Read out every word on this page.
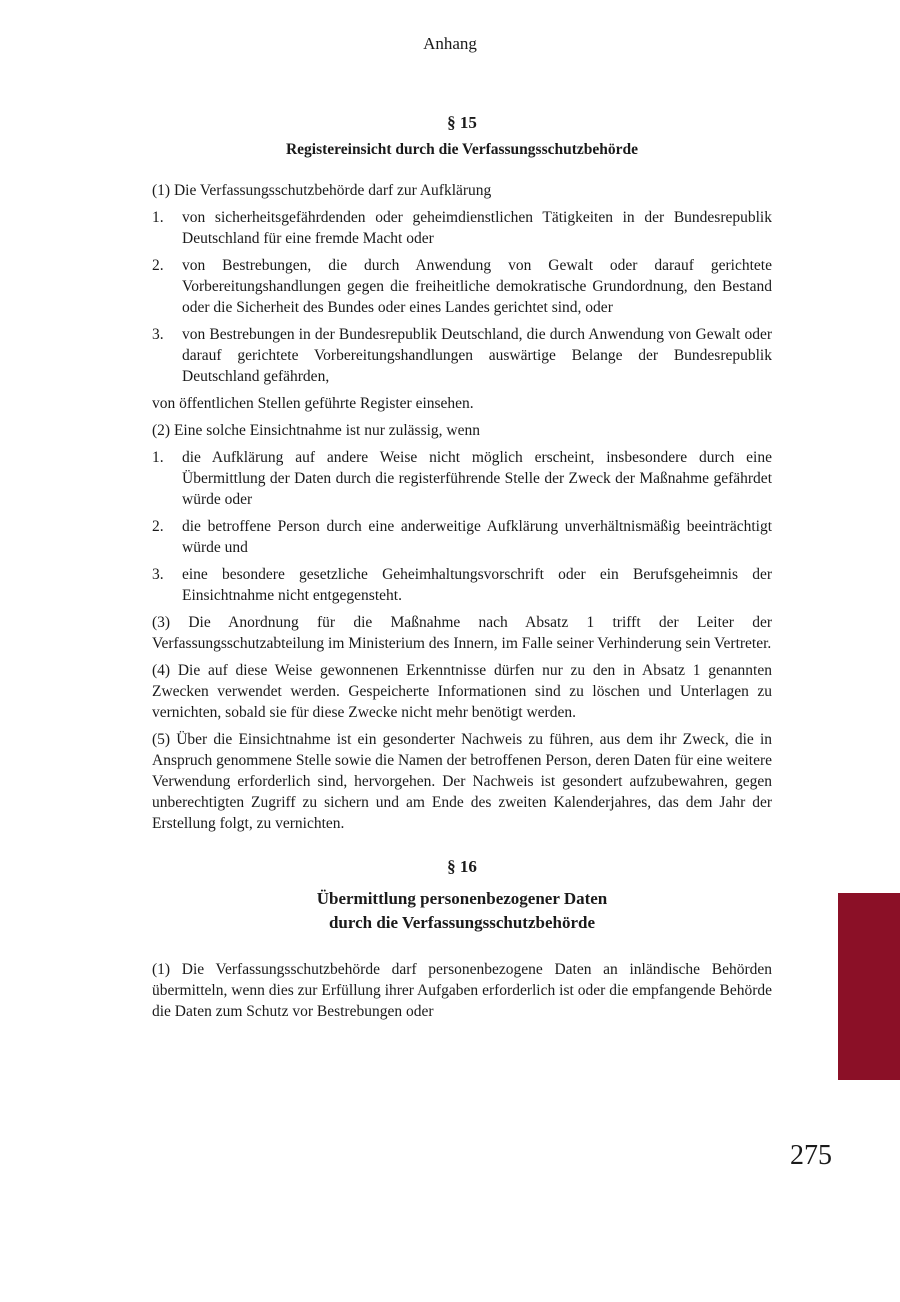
Anhang
§ 15
Registereinsicht durch die Verfassungsschutzbehörde

(1) Die Verfassungsschutzbehörde darf zur Aufklärung

1. von sicherheitsgefährdenden oder geheimdienstlichen Tätigkeiten in der Bundesrepublik Deutschland für eine fremde Macht oder
2. von Bestrebungen, die durch Anwendung von Gewalt oder darauf gerichtete Vorbereitungshandlungen gegen die freiheitliche demokratische Grundordnung, den Bestand oder die Sicherheit des Bundes oder eines Landes gerichtet sind, oder
3. von Bestrebungen in der Bundesrepublik Deutschland, die durch Anwendung von Gewalt oder darauf gerichtete Vorbereitungshandlungen auswärtige Belange der Bundesrepublik Deutschland gefährden,

von öffentlichen Stellen geführte Register einsehen.

(2) Eine solche Einsichtnahme ist nur zulässig, wenn

1. die Aufklärung auf andere Weise nicht möglich erscheint, insbesondere durch eine Übermittlung der Daten durch die registerführende Stelle der Zweck der Maßnahme gefährdet würde oder
2. die betroffene Person durch eine anderweitige Aufklärung unverhältnismäßig beeinträchtigt würde und
3. eine besondere gesetzliche Geheimhaltungsvorschrift oder ein Berufsgeheimnis der Einsichtnahme nicht entgegensteht.

(3) Die Anordnung für die Maßnahme nach Absatz 1 trifft der Leiter der Verfassungsschutzabteilung im Ministerium des Innern, im Falle seiner Verhinderung sein Vertreter.

(4) Die auf diese Weise gewonnenen Erkenntnisse dürfen nur zu den in Absatz 1 genannten Zwecken verwendet werden. Gespeicherte Informationen sind zu löschen und Unterlagen zu vernichten, sobald sie für diese Zwecke nicht mehr benötigt werden.

(5) Über die Einsichtnahme ist ein gesonderter Nachweis zu führen, aus dem ihr Zweck, die in Anspruch genommene Stelle sowie die Namen der betroffenen Person, deren Daten für eine weitere Verwendung erforderlich sind, hervorgehen. Der Nachweis ist gesondert aufzubewahren, gegen unberechtigten Zugriff zu sichern und am Ende des zweiten Kalenderjahres, das dem Jahr der Erstellung folgt, zu vernichten.

§ 16
Übermittlung personenbezogener Daten
durch die Verfassungsschutzbehörde

(1) Die Verfassungsschutzbehörde darf personenbezogene Daten an inländische Behörden übermitteln, wenn dies zur Erfüllung ihrer Aufgaben erforderlich ist oder die empfangende Behörde die Daten zum Schutz vor Bestrebungen oder

275
